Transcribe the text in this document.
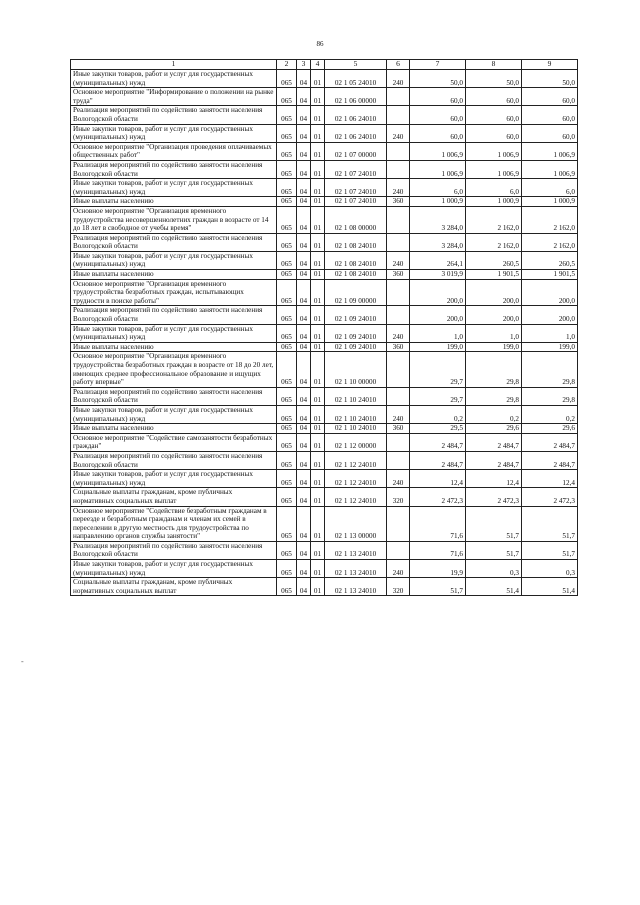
86
-
1	2	3	4	5	6	7	8	9
Иные закупки товаров, работ и услуг для государственных (муниципальных) нужд	065	04	01	02 1 05 24010	240	50,0	50,0	50,0
Основное мероприятие "Информирование о положении на рынке труда"	065	04	01	02 1 06 00000		60,0	60,0	60,0
Реализация мероприятий по содействию занятости населения Вологодской области	065	04	01	02 1 06 24010		60,0	60,0	60,0
Иные закупки товаров, работ и услуг для государственных (муниципальных) нужд	065	04	01	02 1 06 24010	240	60,0	60,0	60,0
Основное мероприятие "Организация проведения оплачиваемых общественных работ"	065	04	01	02 1 07 00000		1 006,9	1 006,9	1 006,9
Реализация мероприятий по содействию занятости населения Вологодской области	065	04	01	02 1 07 24010		1 006,9	1 006,9	1 006,9
Иные закупки товаров, работ и услуг для государственных (муниципальных) нужд	065	04	01	02 1 07 24010	240	6,0	6,0	6,0
Иные выплаты населению	065	04	01	02 1 07 24010	360	1 000,9	1 000,9	1 000,9
Основное мероприятие "Организация временного трудоустройства несовершеннолетних граждан в возрасте от 14 до 18 лет в свободное от учебы время"	065	04	01	02 1 08 00000		3 284,0	2 162,0	2 162,0
Реализация мероприятий по содействию занятости населения Вологодской области	065	04	01	02 1 08 24010		3 284,0	2 162,0	2 162,0
Иные закупки товаров, работ и услуг для государственных (муниципальных) нужд	065	04	01	02 1 08 24010	240	264,1	260,5	260,5
Иные выплаты населению	065	04	01	02 1 08 24010	360	3 019,9	1 901,5	1 901,5
Основное мероприятие "Организация временного трудоустройства безработных граждан, испытывающих трудности в поиске работы"	065	04	01	02 1 09 00000		200,0	200,0	200,0
Реализация мероприятий по содействию занятости населения Вологодской области	065	04	01	02 1 09 24010		200,0	200,0	200,0
Иные закупки товаров, работ и услуг для государственных (муниципальных) нужд	065	04	01	02 1 09 24010	240	1,0	1,0	1,0
Иные выплаты населению	065	04	01	02 1 09 24010	360	199,0	199,0	199,0
Основное мероприятие "Организация временного трудоустройства безработных граждан в возрасте от 18 до 20 лет, имеющих среднее профессиональное образование и ищущих работу впервые"	065	04	01	02 1 10 00000		29,7	29,8	29,8
Реализация мероприятий по содействию занятости населения Вологодской области	065	04	01	02 1 10 24010		29,7	29,8	29,8
Иные закупки товаров, работ и услуг для государственных (муниципальных) нужд	065	04	01	02 1 10 24010	240	0,2	0,2	0,2
Иные выплаты населению	065	04	01	02 1 10 24010	360	29,5	29,6	29,6
Основное мероприятие "Содействие самозанятости безработных граждан"	065	04	01	02 1 12 00000		2 484,7	2 484,7	2 484,7
Реализация мероприятий по содействию занятости населения Вологодской области	065	04	01	02 1 12 24010		2 484,7	2 484,7	2 484,7
Иные закупки товаров, работ и услуг для государственных (муниципальных) нужд	065	04	01	02 1 12 24010	240	12,4	12,4	12,4
Социальные выплаты гражданам, кроме публичных нормативных социальных выплат	065	04	01	02 1 12 24010	320	2 472,3	2 472,3	2 472,3
Основное мероприятие "Содействие безработным гражданам в переезде и безработным гражданам и членам их семей в переселении в другую местность для трудоустройства по направлению органов службы занятости"	065	04	01	02 1 13 00000		71,6	51,7	51,7
Реализация мероприятий по содействию занятости населения Вологодской области	065	04	01	02 1 13 24010		71,6	51,7	51,7
Иные закупки товаров, работ и услуг для государственных (муниципальных) нужд	065	04	01	02 1 13 24010	240	19,9	0,3	0,3
Социальные выплаты гражданам, кроме публичных нормативных социальных выплат	065	04	01	02 1 13 24010	320	51,7	51,4	51,4
